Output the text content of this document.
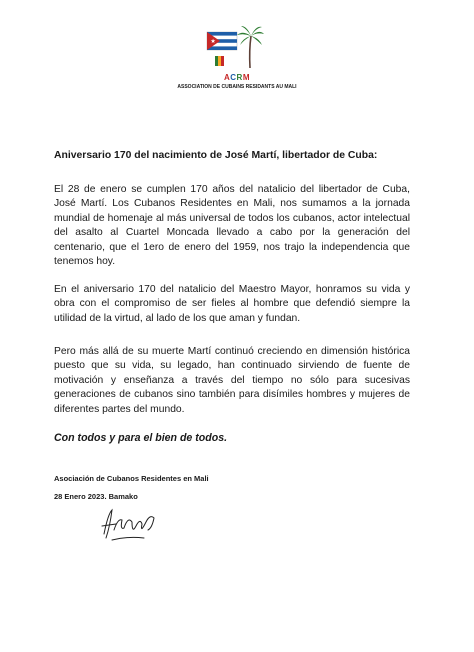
★
ACRM
ASSOCIATION DE CUBAINS RESIDANTS AU MALI
Aniversario 170 del nacimiento de José Martí, libertador de Cuba:

El 28 de enero se cumplen 170 años del natalicio del libertador de Cuba, José Martí. Los Cubanos Residentes en Mali, nos sumamos a la jornada mundial de homenaje al más universal de todos los cubanos, actor intelectual del asalto al Cuartel Moncada llevado a cabo por la generación del centenario, que el 1ero de enero del 1959, nos trajo la independencia que tenemos hoy.

En el aniversario 170 del natalicio del Maestro Mayor, honramos su vida y obra con el compromiso de ser fieles al hombre que defendió siempre la utilidad de la virtud, al lado de los que aman y fundan.

Pero más allá de su muerte Martí continuó creciendo en dimensión histórica puesto que su vida, su legado, han continuado sirviendo de fuente de motivación y enseñanza a través del tiempo no sólo para sucesivas generaciones de cubanos sino también para disímiles hombres y mujeres de diferentes partes del mundo.

Con todos y para el bien de todos.
Asociación de Cubanos Residentes en Mali
28 Enero 2023. Bamako
